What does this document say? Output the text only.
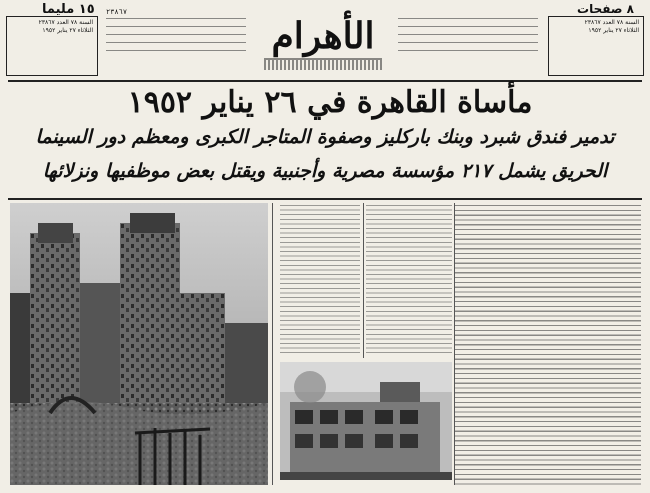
١٥ مليما
السنة ٧٨ العدد ٢٣٨٦٧
الثلاثاء ٢٧ يناير ١٩٥٢
٢٣٨٦٧
الأهرام
٨ صفحات
السنة ٧٨ العدد ٢٣٨٦٧
الثلاثاء ٢٧ يناير ١٩٥٢
مأساة القاهرة في ٢٦ يناير ١٩٥٢
تدمير فندق شبرد وبنك باركليز وصفوة المتاجر الكبرى ومعظم دور السينما
الحريق يشمل ٢١٧ مؤسسة مصرية وأجنبية ويقتل بعض موظفيها ونزلائها
